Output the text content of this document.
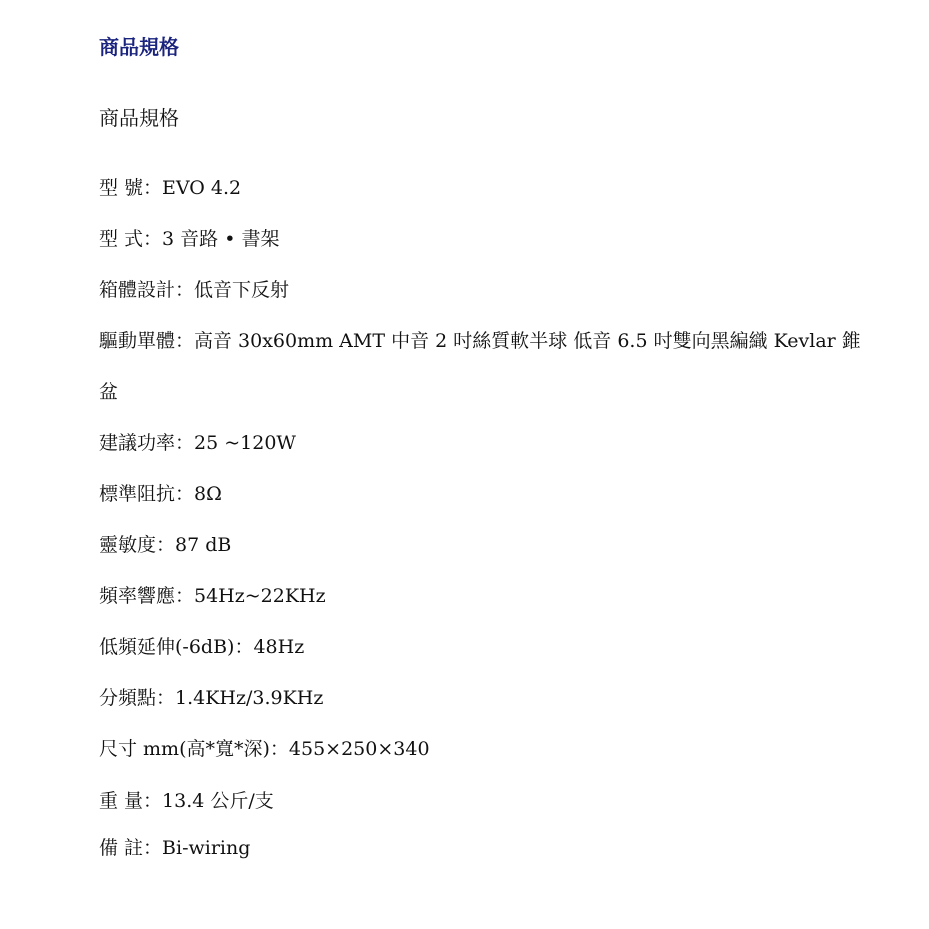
商品規格
商品規格
型 號：EVO 4.2
型 式：3 音路 • 書架
箱體設計：低音下反射
驅動單體：高音 30x60mm AMT 中音 2 吋絲質軟半球 低音 6.5 吋雙向黑編織 Kevlar 錐
盆
建議功率：25 ~120W
標準阻抗：8Ω
靈敏度：87 dB
頻率響應：54Hz~22KHz
低頻延伸(-6dB)：48Hz
分頻點：1.4KHz/3.9KHz
尺寸 mm(高*寬*深)：455×250×340
重 量：13.4 公斤/支
備 註：Bi-wiring
